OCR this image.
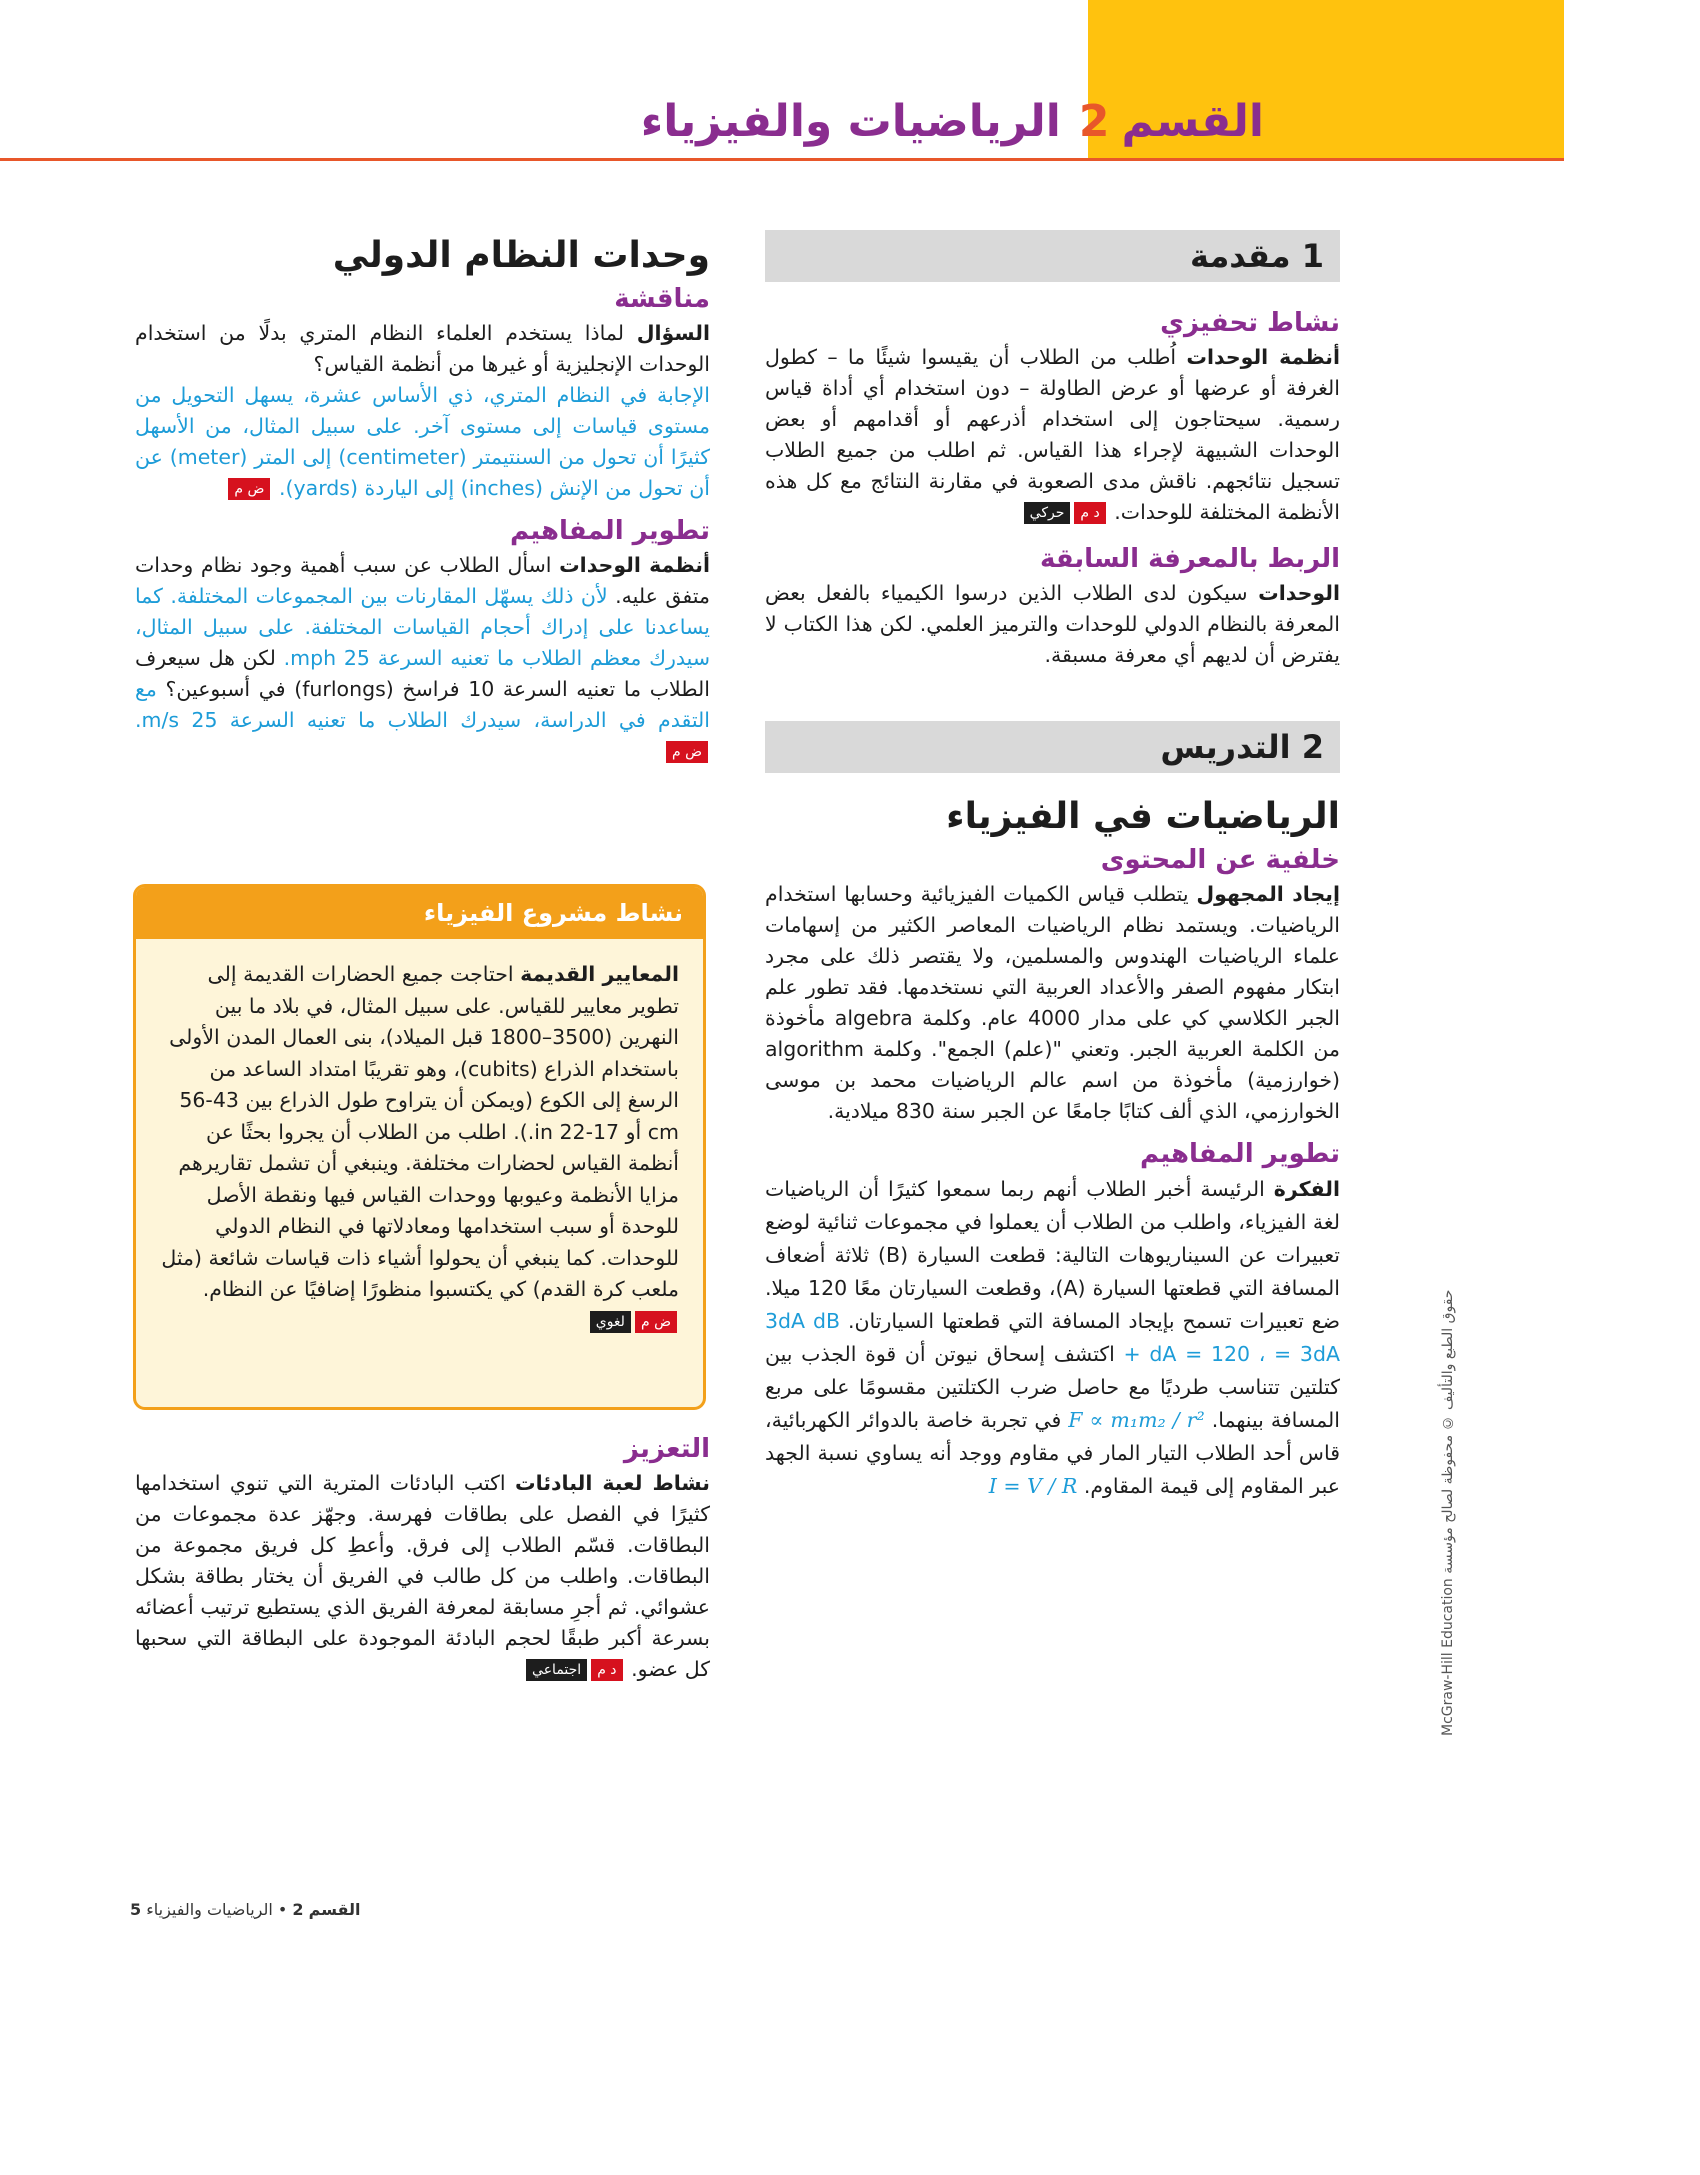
القسم2الرياضيات والفيزياء
1 مقدمة
نشاط تحفيزي

أنظمة الوحدات اُطلب من الطلاب أن يقيسوا شيئًا ما – كطول الغرفة أو عرضها أو عرض الطاولة – دون استخدام أي أداة قياس رسمية. سيحتاجون إلى استخدام أذرعهم أو أقدامهم أو بعض الوحدات الشبيهة لإجراء هذا القياس. ثم اطلب من جميع الطلاب تسجيل نتائجهم. ناقش مدى الصعوبة في مقارنة النتائج مع كل هذه الأنظمة المختلفة للوحدات. د محركي

الربط بالمعرفة السابقة

الوحدات سيكون لدى الطلاب الذين درسوا الكيمياء بالفعل بعض المعرفة بالنظام الدولي للوحدات والترميز العلمي. لكن هذا الكتاب لا يفترض أن لديهم أي معرفة مسبقة.

2 التدريس
الرياضيات في الفيزياء
خلفية عن المحتوى

إيجاد المجهول يتطلب قياس الكميات الفيزيائية وحسابها استخدام الرياضيات. ويستمد نظام الرياضيات المعاصر الكثير من إسهامات علماء الرياضيات الهندوس والمسلمين، ولا يقتصر ذلك على مجرد ابتكار مفهوم الصفر والأعداد العربية التي نستخدمها. فقد تطور علم الجبر الكلاسي كي على مدار 4000 عام. وكلمة algebra مأخوذة من الكلمة العربية الجبر. وتعني "(علم) الجمع". وكلمة algorithm (خوارزمية) مأخوذة من اسم عالم الرياضيات محمد بن موسى الخوارزمي، الذي ألف كتابًا جامعًا عن الجبر سنة 830 ميلادية.

تطوير المفاهيم

الفكرة الرئيسة أخبر الطلاب أنهم ربما سمعوا كثيرًا أن الرياضيات لغة الفيزياء، واطلب من الطلاب أن يعملوا في مجموعات ثنائية لوضع تعبيرات عن السيناريوهات التالية: قطعت السيارة (B) ثلاثة أضعاف المسافة التي قطعتها السيارة (A)، وقطعت السيارتان معًا 120 ميلا. ضع تعبيرات تسمح بإيجاد المسافة التي قطعتها السيارتان. dB 3dA + dA = 120 ، = 3dA اكتشف إسحاق نيوتن أن قوة الجذب بين كتلتين تتناسب طرديًا مع حاصل ضرب الكتلتين مقسومًا على مربع المسافة بينهما. F ∝ m₁m₂ / r² في تجربة خاصة بالدوائر الكهربائية، قاس أحد الطلاب التيار المار في مقاوم ووجد أنه يساوي نسبة الجهد عبر المقاوم إلى قيمة المقاوم. I = V / R

وحدات النظام الدولي
مناقشة

السؤال لماذا يستخدم العلماء النظام المتري بدلًا من استخدام الوحدات الإنجليزية أو غيرها من أنظمة القياس؟

الإجابة في النظام المتري، ذي الأساس عشرة، يسهل التحويل من مستوى قياسات إلى مستوى آخر. على سبيل المثال، من الأسهل كثيرًا أن تحول من السنتيمتر (centimeter) إلى المتر (meter) عن أن تحول من الإنش (inches) إلى الياردة (yards). ض م

تطوير المفاهيم

أنظمة الوحدات اسأل الطلاب عن سبب أهمية وجود نظام وحدات متفق عليه. لأن ذلك يسهّل المقارنات بين المجموعات المختلفة. كما يساعدنا على إدراك أحجام القياسات المختلفة. على سبيل المثال، سيدرك معظم الطلاب ما تعنيه السرعة 25 mph. لكن هل سيعرف الطلاب ما تعنيه السرعة 10 فراسخ (furlongs) في أسبوعين؟ مع التقدم في الدراسة، سيدرك الطلاب ما تعنيه السرعة 25 m/s. ض م

نشاط مشروع الفيزياء

المعايير القديمة احتاجت جميع الحضارات القديمة إلى تطوير معايير للقياس. على سبيل المثال، في بلاد ما بين النهرين (3500–1800 قبل الميلاد)، بنى العمال المدن الأولى باستخدام الذراع (cubits)، وهو تقريبًا امتداد الساعد من الرسغ إلى الكوع (ويمكن أن يتراوح طول الذراع بين 43-56 cm أو 17-22 in.). اطلب من الطلاب أن يجروا بحثًا عن أنظمة القياس لحضارات مختلفة. وينبغي أن تشمل تقاريرهم مزايا الأنظمة وعيوبها ووحدات القياس فيها ونقطة الأصل للوحدة أو سبب استخدامها ومعادلاتها في النظام الدولي للوحدات. كما ينبغي أن يحولوا أشياء ذات قياسات شائعة (مثل ملعب كرة القدم) كي يكتسبوا منظورًا إضافيًا عن النظام. ض ملغوي

التعزيز

نشاط لعبة البادئات اكتب البادئات المترية التي تنوي استخدامها كثيرًا في الفصل على بطاقات فهرسة. وجهّز عدة مجموعات من البطاقات. قسّم الطلاب إلى فرق. وأعطِ كل فريق مجموعة من البطاقات. واطلب من كل طالب في الفريق أن يختار بطاقة بشكل عشوائي. ثم أجرِ مسابقة لمعرفة الفريق الذي يستطيع ترتيب أعضائه بسرعة أكبر طبقًا لحجم البادئة الموجودة على البطاقة التي سحبها كل عضو. د ماجتماعي	حقوق الطبع والتأليف © محفوظة لصالح مؤسسة McGraw-Hill Education
القسم 2 • الرياضيات والفيزياء 5
